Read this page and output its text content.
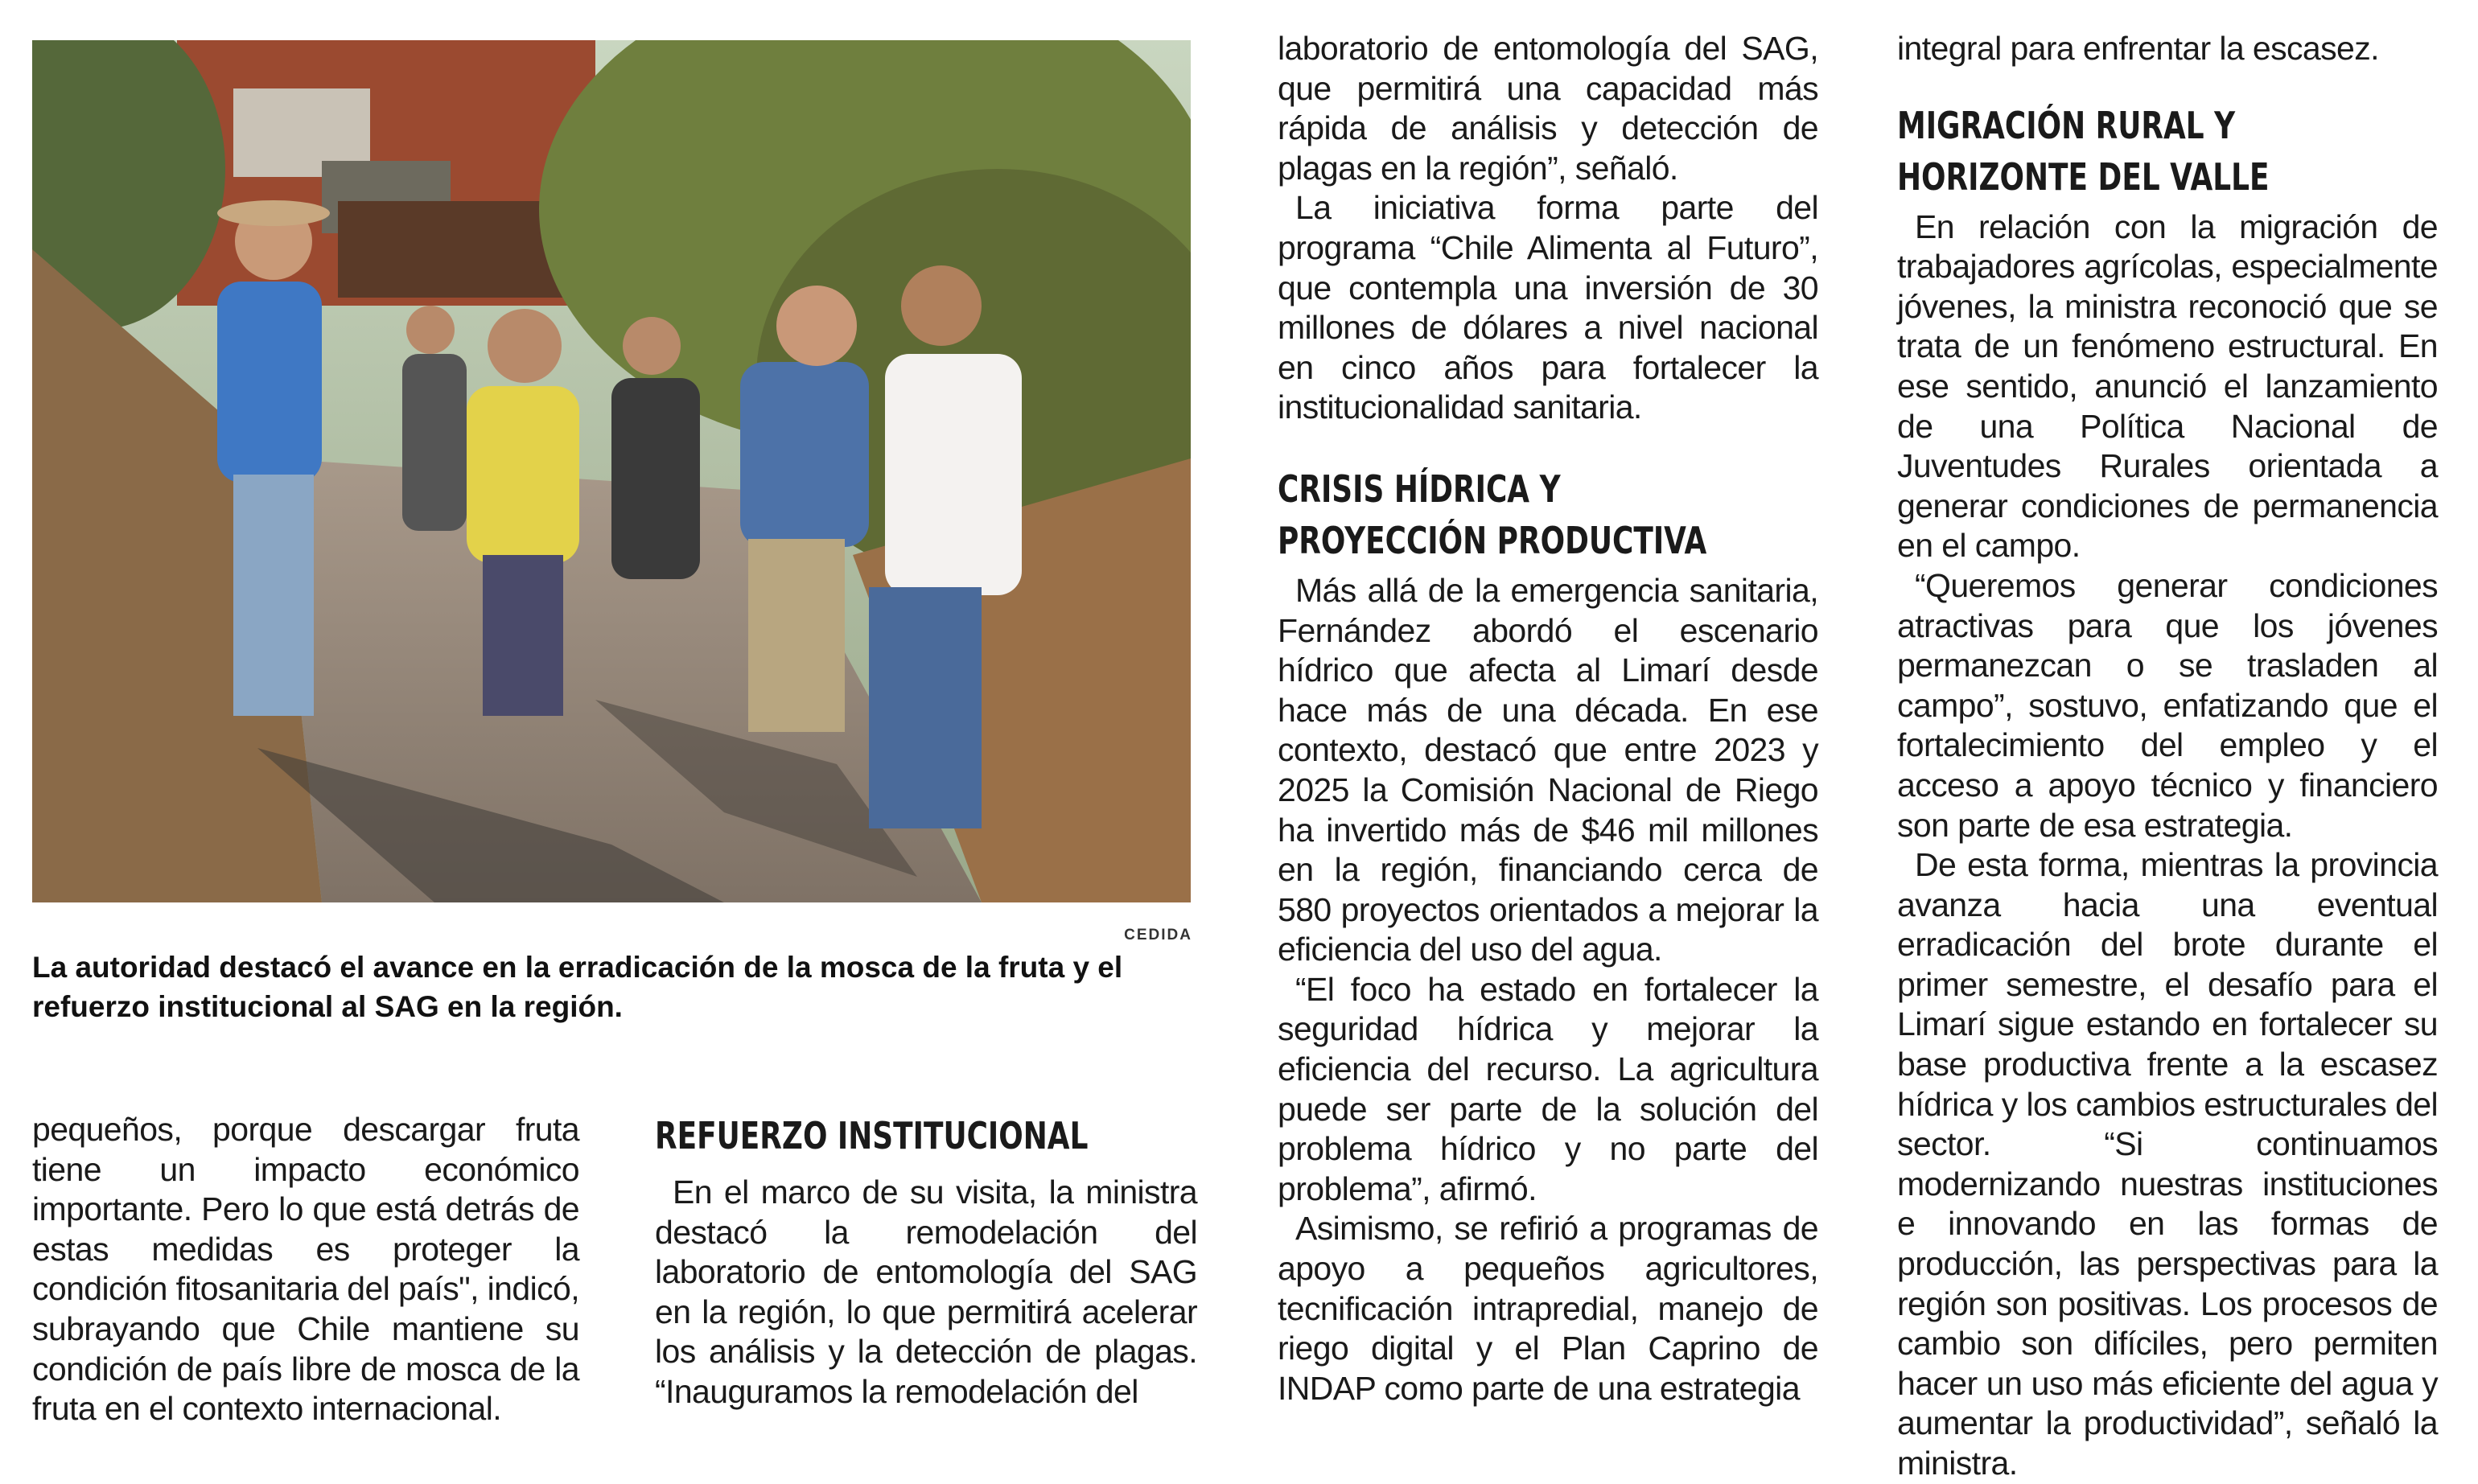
CEDIDA
La autoridad destacó el avance en la erradicación de la mosca de la fruta y el refuerzo institucional al SAG en la región.

pequeños, porque descargar fruta tiene un impacto económico importante. Pero lo que está detrás de estas medidas es proteger la condición fitosanitaria del país", indicó, subrayando que Chile mantiene su condición de país libre de mosca de la fruta en el contexto internacional.

REFUERZO INSTITUCIONAL

En el marco de su visita, la ministra destacó la remodelación del laboratorio de entomología del SAG en la región, lo que permitirá acelerar los análisis y la detección de plagas. “Inauguramos la remodelación del

laboratorio de entomología del SAG, que permitirá una capacidad más rápida de análisis y detección de plagas en la región”, señaló.

La iniciativa forma parte del programa “Chile Alimenta al Futuro”, que contempla una inversión de 30 millones de dólares a nivel nacional en cinco años para fortalecer la institucionalidad sanitaria.

CRISIS HÍDRICA Y
PROYECCIÓN PRODUCTIVA

Más allá de la emergencia sanitaria, Fernández abordó el escenario hídrico que afecta al Limarí desde hace más de una década. En ese contexto, destacó que entre 2023 y 2025 la Comisión Nacional de Riego ha invertido más de $46 mil millones en la región, financiando cerca de 580 proyectos orientados a mejorar la eficiencia del uso del agua.

“El foco ha estado en fortalecer la seguridad hídrica y mejorar la eficiencia del recurso. La agricultura puede ser parte de la solución del problema hídrico y no parte del problema”, afirmó.

Asimismo, se refirió a programas de apoyo a pequeños agricultores, tecnificación intrapredial, manejo de riego digital y el Plan Caprino de INDAP como parte de una estrategia

integral para enfrentar la escasez.

MIGRACIÓN RURAL Y
HORIZONTE DEL VALLE

En relación con la migración de trabajadores agrícolas, especialmente jóvenes, la ministra reconoció que se trata de un fenómeno estructural. En ese sentido, anunció el lanzamiento de una Política Nacional de Juventudes Rurales orientada a generar condiciones de permanencia en el campo.

“Queremos generar condiciones atractivas para que los jóvenes permanezcan o se trasladen al campo”, sostuvo, enfatizando que el fortalecimiento del empleo y el acceso a apoyo técnico y financiero son parte de esa estrategia.

De esta forma, mientras la provincia avanza hacia una eventual erradicación del brote durante el primer semestre, el desafío para el Limarí sigue estando en fortalecer su base productiva frente a la escasez hídrica y los cambios estructurales del sector. “Si continuamos modernizando nuestras instituciones e innovando en las formas de producción, las perspectivas para la región son positivas. Los procesos de cambio son difíciles, pero permiten hacer un uso más eficiente del agua y aumentar la productividad”, señaló la ministra.
